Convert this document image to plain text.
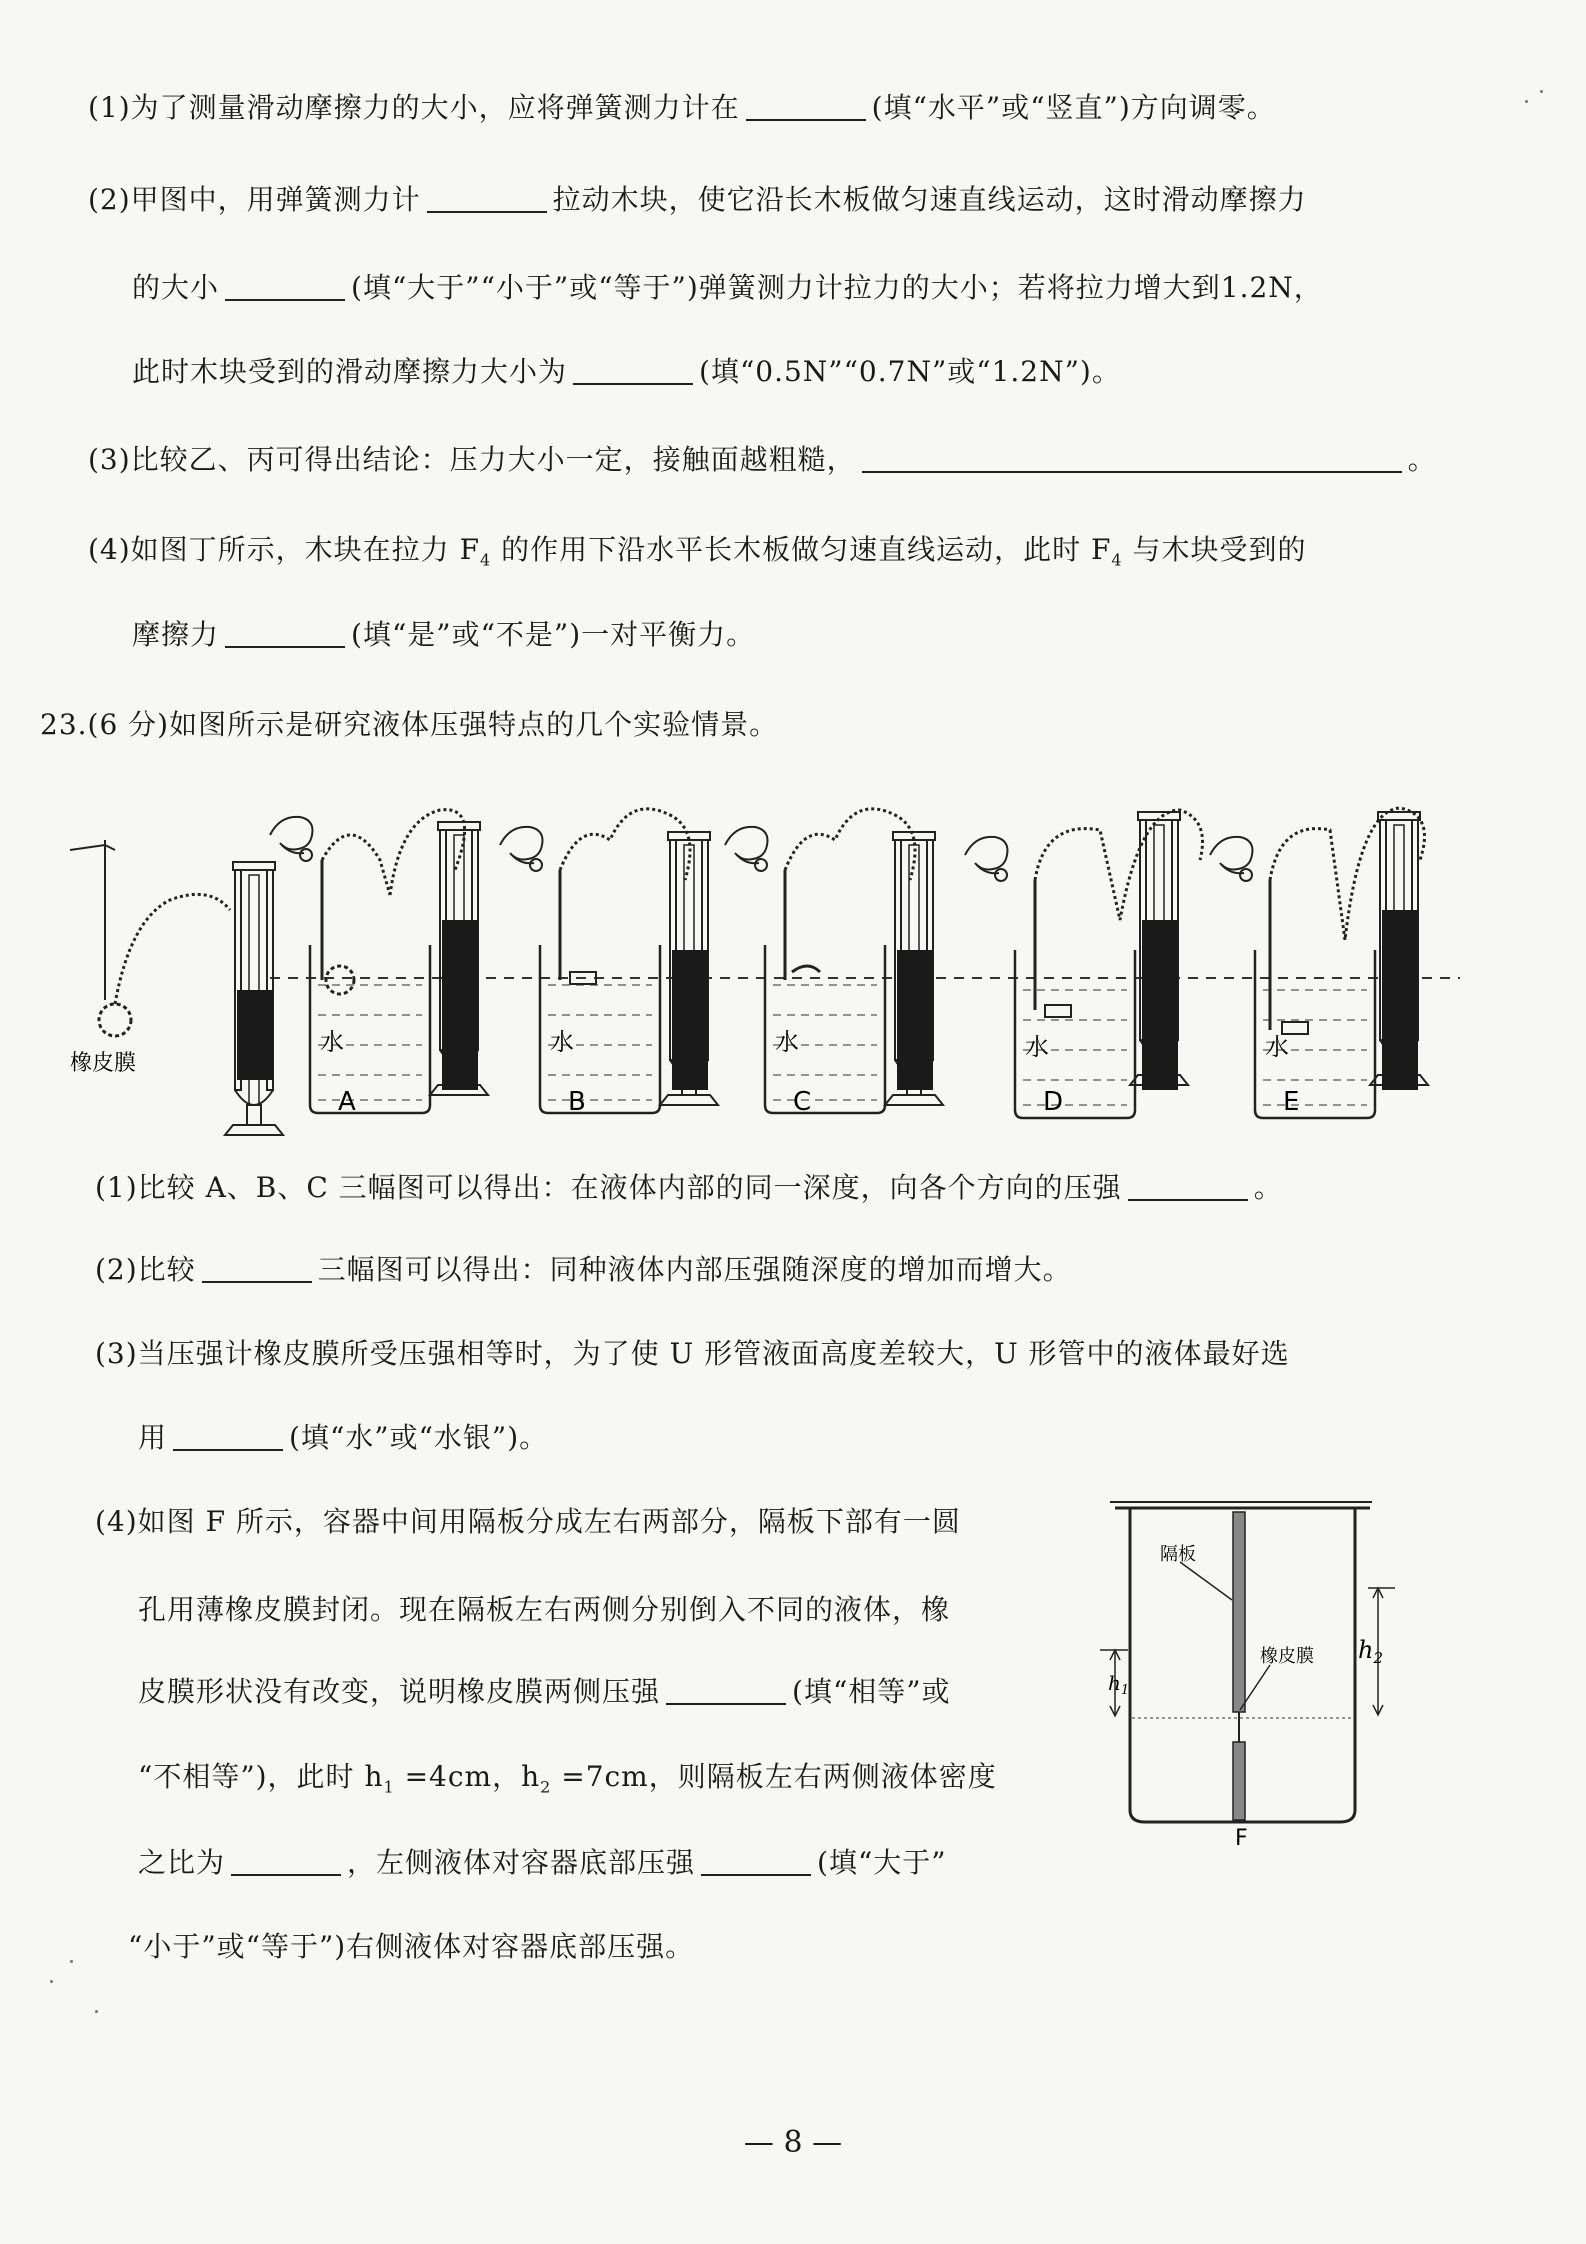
(1)为了测量滑动摩擦力的大小，应将弹簧测力计在	(填“水平”或“竖直”)方向调零。
(2)甲图中，用弹簧测力计	拉动木块，使它沿长木板做匀速直线运动，这时滑动摩擦力
的大小	(填“大于”“小于”或“等于”)弹簧测力计拉力的大小；若将拉力增大到1.2N，
此时木块受到的滑动摩擦力大小为	(填“0.5N”“0.7N”或“1.2N”)。
(3)比较乙、丙可得出结论：压力大小一定，接触面越粗糙，	。
(4)如图丁所示，木块在拉力 $F_4$ 的作用下沿水平长木板做匀速直线运动，此时 $F_4$ 与木块受到的
摩擦力	(填“是”或“不是”)一对平衡力。
23.(6 分)如图所示是研究液体压强特点的几个实验情景。
橡皮膜
水
A
水
B
水
C
水
D
水
E
(1)比较 A、B、C 三幅图可以得出：在液体内部的同一深度，向各个方向的压强	。
(2)比较	三幅图可以得出：同种液体内部压强随深度的增加而增大。
(3)当压强计橡皮膜所受压强相等时，为了使 U 形管液面高度差较大，U 形管中的液体最好选
用	(填“水”或“水银”)。
(4)如图 F 所示，容器中间用隔板分成左右两部分，隔板下部有一圆
孔用薄橡皮膜封闭。现在隔板左右两侧分别倒入不同的液体，橡
皮膜形状没有改变，说明橡皮膜两侧压强	(填“相等”或
“不相等”)，此时 $h_1 =4cm$，$h_2 =7cm$，则隔板左右两侧液体密度
之比为	，左侧液体对容器底部压强	(填“大于”
“小于”或“等于”)右侧液体对容器底部压强。
隔板
橡皮膜 $h_2$
$h_1$
F
— 8 —
